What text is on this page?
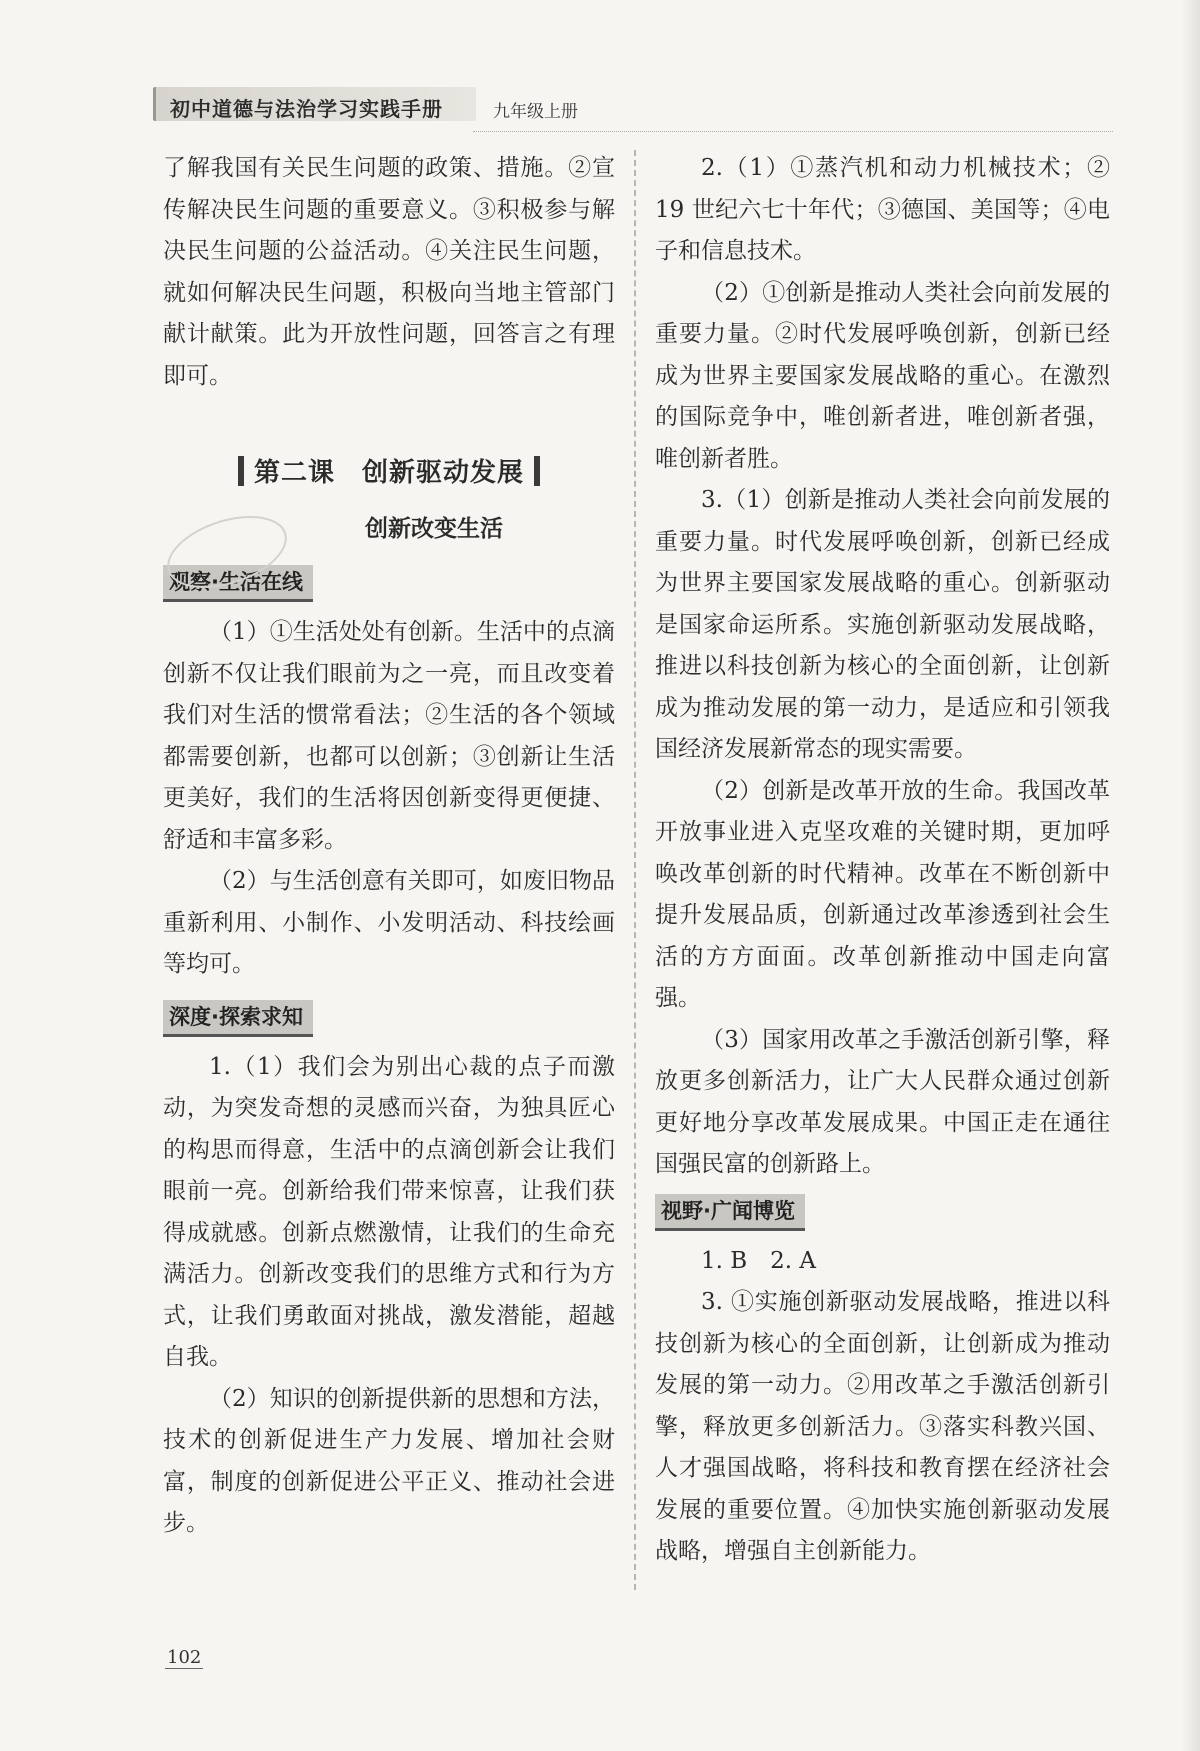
初中道德与法治学习实践手册	九年级上册

了解我国有关民生问题的政策、措施。②宣传解决民生问题的重要意义。③积极参与解决民生问题的公益活动。④关注民生问题，就如何解决民生问题，积极向当地主管部门献计献策。此为开放性问题，回答言之有理即可。

第二课　创新驱动发展
创新改变生活
观察·生活在线

（1）①生活处处有创新。生活中的点滴创新不仅让我们眼前为之一亮，而且改变着我们对生活的惯常看法；②生活的各个领域都需要创新，也都可以创新；③创新让生活更美好，我们的生活将因创新变得更便捷、舒适和丰富多彩。

（2）与生活创意有关即可，如废旧物品重新利用、小制作、小发明活动、科技绘画等均可。

深度·探索求知

1.（1）我们会为别出心裁的点子而激动，为突发奇想的灵感而兴奋，为独具匠心的构思而得意，生活中的点滴创新会让我们眼前一亮。创新给我们带来惊喜，让我们获得成就感。创新点燃激情，让我们的生命充满活力。创新改变我们的思维方式和行为方式，让我们勇敢面对挑战，激发潜能，超越自我。

（2）知识的创新提供新的思想和方法，技术的创新促进生产力发展、增加社会财富，制度的创新促进公平正义、推动社会进步。

2.（1）①蒸汽机和动力机械技术；② 19 世纪六七十年代；③德国、美国等；④电子和信息技术。

（2）①创新是推动人类社会向前发展的重要力量。②时代发展呼唤创新，创新已经成为世界主要国家发展战略的重心。在激烈的国际竞争中，唯创新者进，唯创新者强，唯创新者胜。

3.（1）创新是推动人类社会向前发展的重要力量。时代发展呼唤创新，创新已经成为世界主要国家发展战略的重心。创新驱动是国家命运所系。实施创新驱动发展战略，推进以科技创新为核心的全面创新，让创新成为推动发展的第一动力，是适应和引领我国经济发展新常态的现实需要。

（2）创新是改革开放的生命。我国改革开放事业进入克坚攻难的关键时期，更加呼唤改革创新的时代精神。改革在不断创新中提升发展品质，创新通过改革渗透到社会生活的方方面面。改革创新推动中国走向富强。

（3）国家用改革之手激活创新引擎，释放更多创新活力，让广大人民群众通过创新更好地分享改革发展成果。中国正走在通往国强民富的创新路上。

视野·广闻博览

1. B　2. A

3. ①实施创新驱动发展战略，推进以科技创新为核心的全面创新，让创新成为推动发展的第一动力。②用改革之手激活创新引擎，释放更多创新活力。③落实科教兴国、人才强国战略，将科技和教育摆在经济社会发展的重要位置。④加快实施创新驱动发展战略，增强自主创新能力。

102
